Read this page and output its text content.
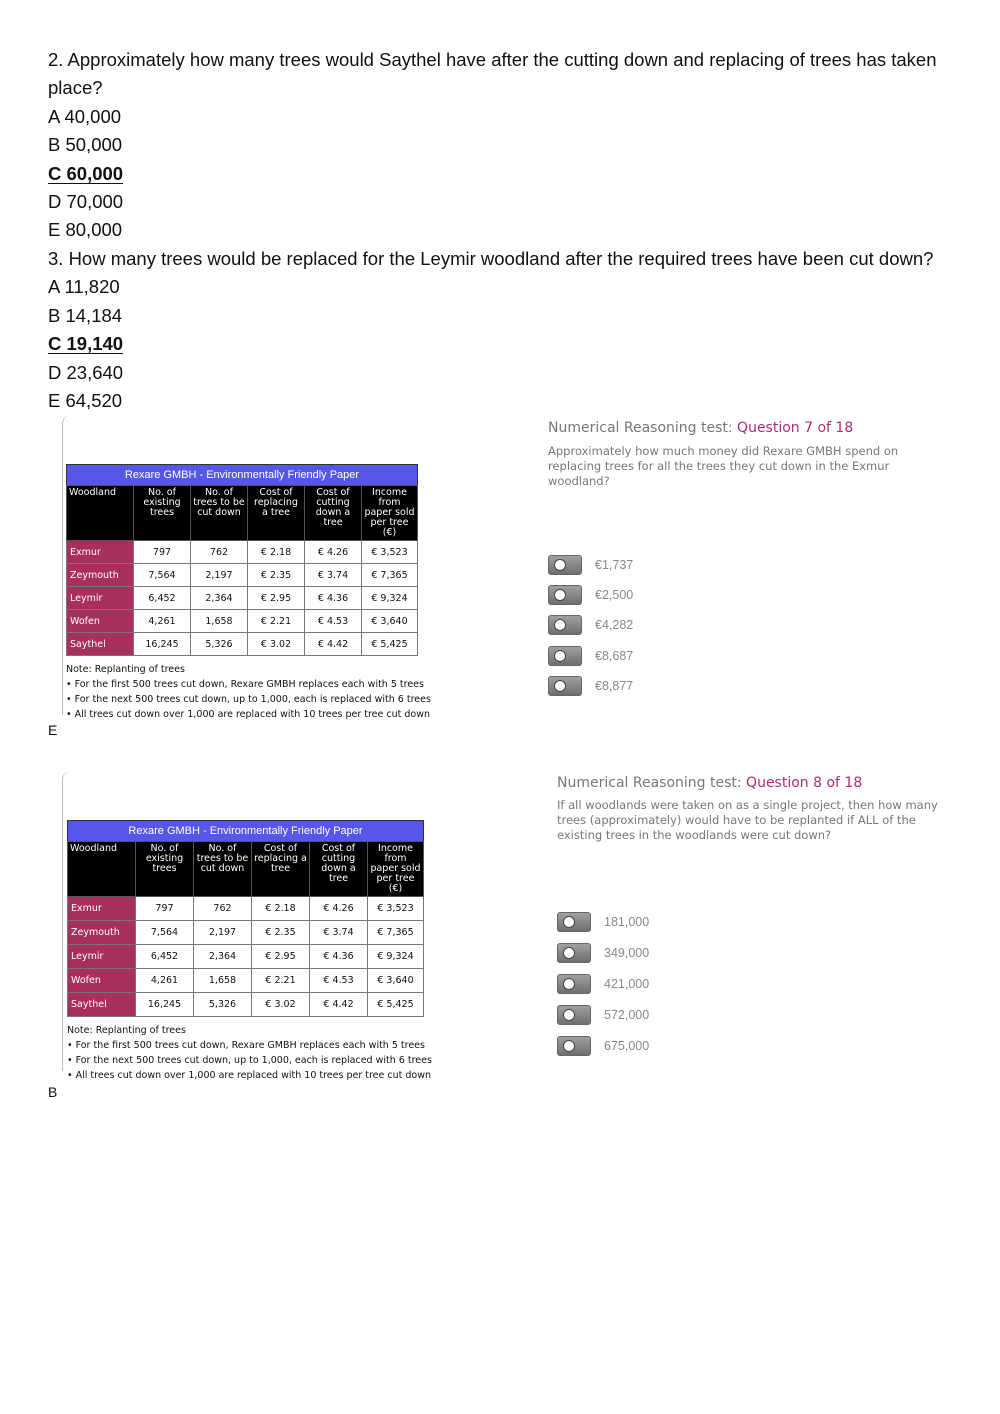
2. Approximately how many trees would Saythel have after the cutting down and replacing of trees has taken
place?
A 40,000
B 50,000
C 60,000
D 70,000
E 80,000
3. How many trees would be replaced for the Leymir woodland after the required trees have been cut down?
A 11,820
B 14,184
C 19,140
D 23,640
E 64,520
Rexare GMBH - Environmentally Friendly Paper
Woodland	No. of existing trees	No. of trees to be cut down	Cost of replacing a tree	Cost of cutting down a tree	Income from paper sold per tree (€)
Exmur	797	762	€ 2.18	€ 4.26	€ 3,523
Zeymouth	7,564	2,197	€ 2.35	€ 3.74	€ 7,365
Leymir	6,452	2,364	€ 2.95	€ 4.36	€ 9,324
Wofen	4,261	1,658	€ 2.21	€ 4.53	€ 3,640
Saythel	16,245	5,326	€ 3.02	€ 4.42	€ 5,425
Note: Replanting of trees
• For the first 500 trees cut down, Rexare GMBH replaces each with 5 trees
• For the next 500 trees cut down, up to 1,000, each is replaced with 6 trees
• All trees cut down over 1,000 are replaced with 10 trees per tree cut down
Numerical Reasoning test: Question 7 of 18
Approximately how much money did Rexare GMBH spend on replacing trees for all the trees they cut down in the Exmur woodland?
€1,737
€2,500
€4,282
€8,687
€8,877
E
Rexare GMBH - Environmentally Friendly Paper
Woodland	No. of existing trees	No. of trees to be cut down	Cost of replacing a tree	Cost of cutting down a tree	Income from paper sold per tree (€)
Exmur	797	762	€ 2.18	€ 4.26	€ 3,523
Zeymouth	7,564	2,197	€ 2.35	€ 3.74	€ 7,365
Leymir	6,452	2,364	€ 2.95	€ 4.36	€ 9,324
Wofen	4,261	1,658	€ 2.21	€ 4.53	€ 3,640
Saythel	16,245	5,326	€ 3.02	€ 4.42	€ 5,425
Note: Replanting of trees
• For the first 500 trees cut down, Rexare GMBH replaces each with 5 trees
• For the next 500 trees cut down, up to 1,000, each is replaced with 6 trees
• All trees cut down over 1,000 are replaced with 10 trees per tree cut down
Numerical Reasoning test: Question 8 of 18
If all woodlands were taken on as a single project, then how many trees (approximately) would have to be replanted if ALL of the existing trees in the woodlands were cut down?
181,000
349,000
421,000
572,000
675,000
B
